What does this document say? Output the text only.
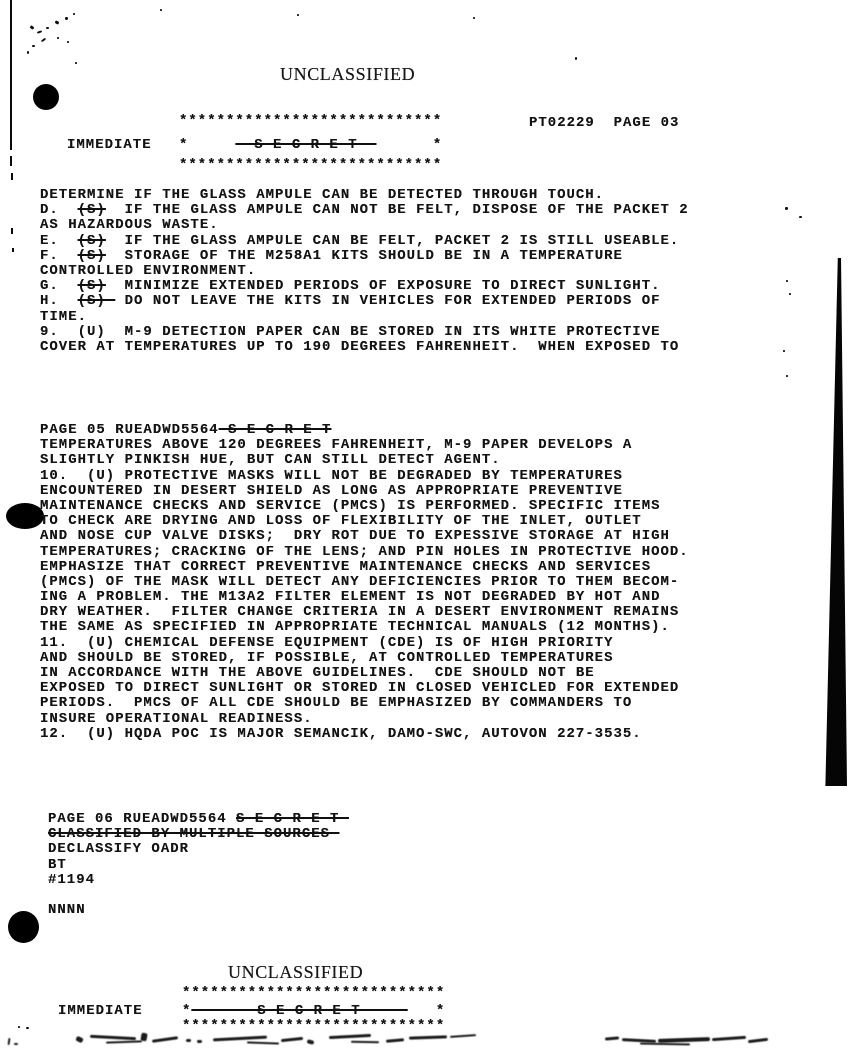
UNCLASSIFIED
****************************	PT02229  PAGE 03
IMMEDIATE *       S E C R E T        *
****************************
DETERMINE IF THE GLASS AMPULE CAN BE DETECTED THROUGH TOUCH.
D.  (S)  IF THE GLASS AMPULE CAN NOT BE FELT, DISPOSE OF THE PACKET 2
AS HAZARDOUS WASTE.
E.  (S)  IF THE GLASS AMPULE CAN BE FELT, PACKET 2 IS STILL USEABLE.
F.  (S)  STORAGE OF THE M258A1 KITS SHOULD BE IN A TEMPERATURE
CONTROLLED ENVIRONMENT.
G.  (S)  MINIMIZE EXTENDED PERIODS OF EXPOSURE TO DIRECT SUNLIGHT.
H.  (S)- DO NOT LEAVE THE KITS IN VEHICLES FOR EXTENDED PERIODS OF
TIME.
9.  (U)  M-9 DETECTION PAPER CAN BE STORED IN ITS WHITE PROTECTIVE
COVER AT TEMPERATURES UP TO 190 DEGREES FAHRENHEIT.  WHEN EXPOSED TO
PAGE 05 RUEADWD5564 S E C R E T
TEMPERATURES ABOVE 120 DEGREES FAHRENHEIT, M-9 PAPER DEVELOPS A
SLIGHTLY PINKISH HUE, BUT CAN STILL DETECT AGENT.
10.  (U) PROTECTIVE MASKS WILL NOT BE DEGRADED BY TEMPERATURES
ENCOUNTERED IN DESERT SHIELD AS LONG AS APPROPRIATE PREVENTIVE
MAINTENANCE CHECKS AND SERVICE (PMCS) IS PERFORMED. SPECIFIC ITEMS
TO CHECK ARE DRYING AND LOSS OF FLEXIBILITY OF THE INLET, OUTLET
AND NOSE CUP VALVE DISKS;  DRY ROT DUE TO EXPESSIVE STORAGE AT HIGH
TEMPERATURES; CRACKING OF THE LENS; AND PIN HOLES IN PROTECTIVE HOOD.
EMPHASIZE THAT CORRECT PREVENTIVE MAINTENANCE CHECKS AND SERVICES
(PMCS) OF THE MASK WILL DETECT ANY DEFICIENCIES PRIOR TO THEM BECOM-
ING A PROBLEM. THE M13A2 FILTER ELEMENT IS NOT DEGRADED BY HOT AND
DRY WEATHER.  FILTER CHANGE CRITERIA IN A DESERT ENVIRONMENT REMAINS
THE SAME AS SPECIFIED IN APPROPRIATE TECHNICAL MANUALS (12 MONTHS).
11.  (U) CHEMICAL DEFENSE EQUIPMENT (CDE) IS OF HIGH PRIORITY
AND SHOULD BE STORED, IF POSSIBLE, AT CONTROLLED TEMPERATURES
IN ACCORDANCE WITH THE ABOVE GUIDELINES.  CDE SHOULD NOT BE
EXPOSED TO DIRECT SUNLIGHT OR STORED IN CLOSED VEHICLED FOR EXTENDED
PERIODS.  PMCS OF ALL CDE SHOULD BE EMPHASIZED BY COMMANDERS TO
INSURE OPERATIONAL READINESS.
12.  (U) HQDA POC IS MAJOR SEMANCIK, DAMO-SWC, AUTOVON 227-3535.
PAGE 06 RUEADWD5564 S E C R E T
CLASSIFIED BY MULTIPLE SOURCES
DECLASSIFY OADR
BT
#1194
NNNN
UNCLASSIFIED
****************************
IMMEDIATE	*       S E C R E T        *
****************************
